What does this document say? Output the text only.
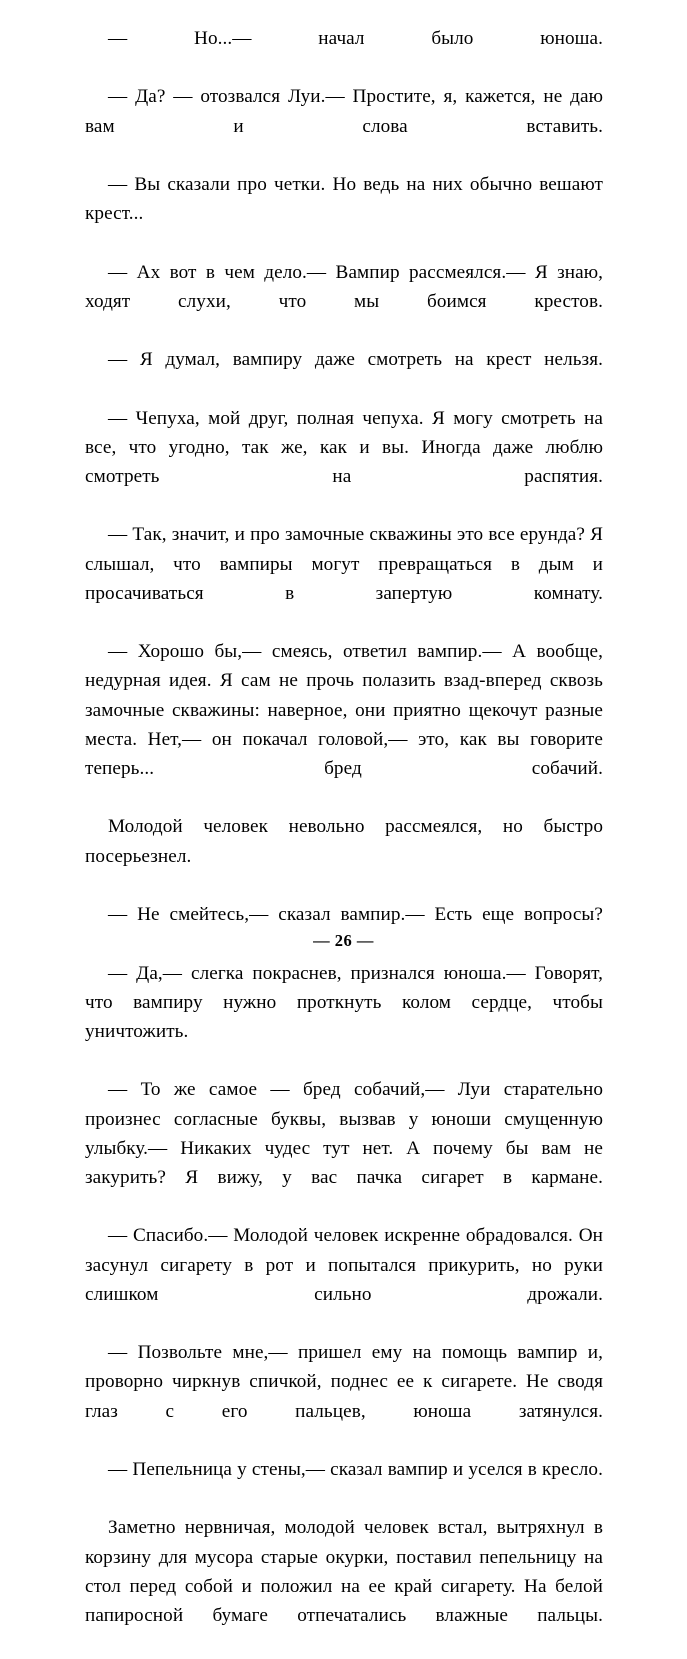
— Но...— начал было юноша.

— Да? — отозвался Луи.— Простите, я, кажется, не даю вам и слова вставить.

— Вы сказали про четки. Но ведь на них обычно вешают крест...

— Ах вот в чем дело.— Вампир рассмеялся.— Я знаю, ходят слухи, что мы боимся крестов.

— Я думал, вампиру даже смотреть на крест нельзя.

— Чепуха, мой друг, полная чепуха. Я могу смотреть на все, что угодно, так же, как и вы. Иногда даже люблю смотреть на распятия.

— Так, значит, и про замочные скважины это все ерунда? Я слышал, что вампиры могут превращаться в дым и просачиваться в запертую комнату.

— Хорошо бы,— смеясь, ответил вампир.— А вообще, недурная идея. Я сам не прочь полазить взад-вперед сквозь замочные скважины: наверное, они приятно щекочут разные места. Нет,— он покачал головой,— это, как вы говорите теперь... бред собачий.

Молодой человек невольно рассмеялся, но быстро посерьезнел.

— Не смейтесь,— сказал вампир.— Есть еще вопросы?

— Да,— слегка покраснев, признался юноша.— Говорят, что вампиру нужно проткнуть колом сердце, чтобы уничтожить.

— То же самое — бред собачий,— Луи старательно произнес согласные буквы, вызвав у юноши смущенную улыбку.— Никаких чудес тут нет. А почему бы вам не закурить? Я вижу, у вас пачка сигарет в кармане.

— Спасибо.— Молодой человек искренне обрадовался. Он засунул сигарету в рот и попытался прикурить, но руки слишком сильно дрожали.

— Позвольте мне,— пришел ему на помощь вампир и, проворно чиркнув спичкой, поднес ее к сигарете. Не сводя глаз с его пальцев, юноша затянулся.

— Пепельница у стены,— сказал вампир и уселся в кресло.

Заметно нервничая, молодой человек встал, вытряхнул в корзину для мусора старые окурки, поставил пепельницу на стол перед собой и положил на ее край сигарету. На белой папиросной бумаге отпечатались влажные пальцы.

— 26 —
